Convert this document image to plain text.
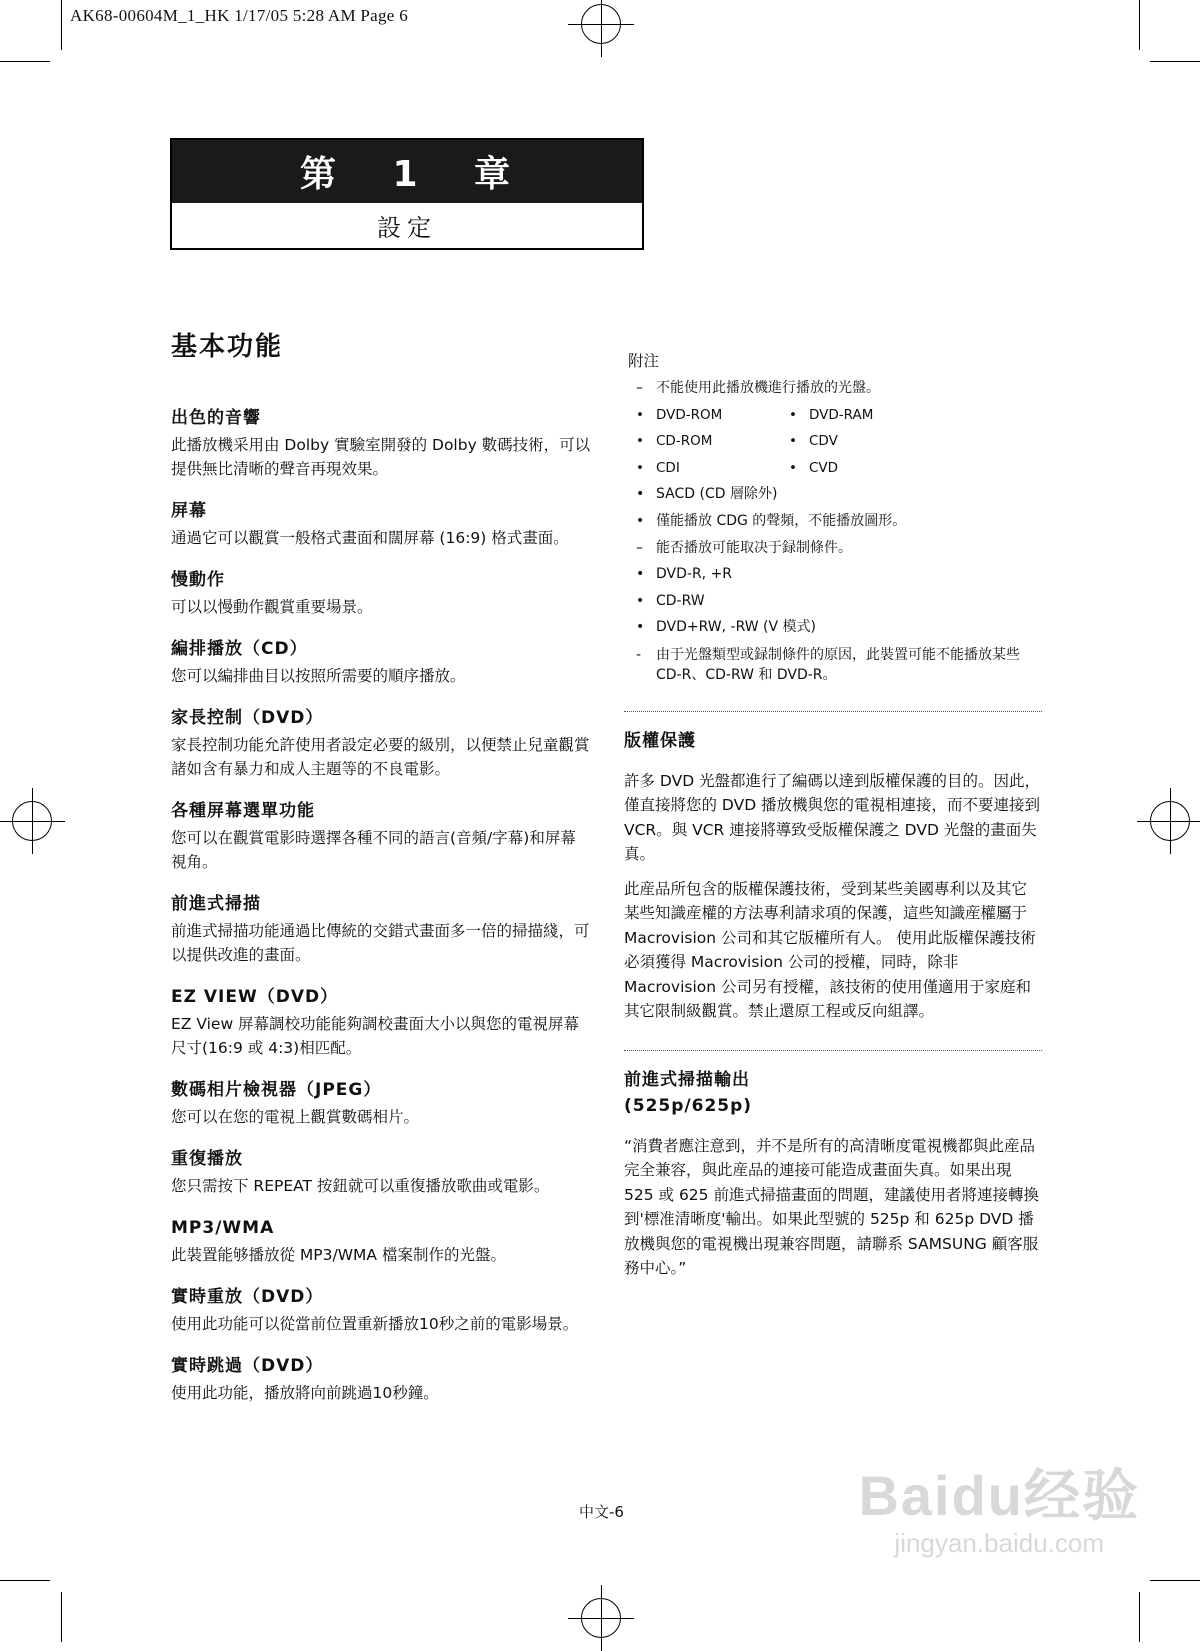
AK68-00604M_1_HK 1/17/05 5:28 AM Page 6
第 1 章
設定
基本功能
出色的音響

此播放機采用由 Dolby 實驗室開發的 Dolby 數碼技術，可以提供無比清晰的聲音再現效果。

屏幕

通過它可以觀賞一般格式畫面和闊屏幕 (16:9) 格式畫面。

慢動作

可以以慢動作觀賞重要場景。

編排播放（CD）

您可以編排曲目以按照所需要的順序播放。

家長控制（DVD）

家長控制功能允許使用者設定必要的級別，以便禁止兒童觀賞諸如含有暴力和成人主題等的不良電影。

各種屏幕選單功能

您可以在觀賞電影時選擇各種不同的語言(音頻/字幕)和屏幕視角。

前進式掃描

前進式掃描功能通過比傳統的交錯式畫面多一倍的掃描綫，可以提供改進的畫面。

EZ VIEW（DVD）

EZ View 屏幕調校功能能夠調校畫面大小以與您的電視屏幕尺寸(16:9 或 4:3)相匹配。

數碼相片檢視器（JPEG）

您可以在您的電視上觀賞數碼相片。

重復播放

您只需按下 REPEAT 按鈕就可以重復播放歌曲或電影。

MP3/WMA

此裝置能够播放從 MP3/WMA 檔案制作的光盤。

實時重放（DVD）

使用此功能可以從當前位置重新播放10秒之前的電影場景。

實時跳過（DVD）

使用此功能，播放將向前跳過10秒鐘。

附注
– 不能使用此播放機進行播放的光盤。
• DVD-ROM	• DVD-RAM
• CD-ROM	• CDV
• CDI	• CVD
• SACD (CD 層除外)
• 僅能播放 CDG 的聲頻，不能播放圖形。
– 能否播放可能取决于録制條件。
• DVD-R, +R
• CD-RW
• DVD+RW, -RW (V 模式)
-	由于光盤類型或録制條件的原因，此裝置可能不能播放某些 CD-R、CD-RW 和 DVD-R。
版權保護

許多 DVD 光盤都進行了編碼以達到版權保護的目的。因此，僅直接將您的 DVD 播放機與您的電視相連接，而不要連接到 VCR。與 VCR 連接將導致受版權保護之 DVD 光盤的畫面失真。

此産品所包含的版權保護技術，受到某些美國專利以及其它某些知識産權的方法專利請求項的保護，這些知識産權屬于 Macrovision 公司和其它版權所有人。 使用此版權保護技術必須獲得 Macrovision 公司的授權，同時，除非 Macrovision 公司另有授權，該技術的使用僅適用于家庭和其它限制級觀賞。禁止還原工程或反向組譯。

前進式掃描輸出
(525p/625p)

“消費者應注意到，并不是所有的高清晰度電視機都與此産品完全兼容，與此産品的連接可能造成畫面失真。如果出現 525 或 625 前進式掃描畫面的問題，建議使用者將連接轉換到'標准清晰度'輸出。如果此型號的 525p 和 625p DVD 播放機與您的電視機出現兼容問題，請聯系 SAMSUNG 顧客服務中心。”

中文-6	Baidu经验
jingyan.baidu.com
